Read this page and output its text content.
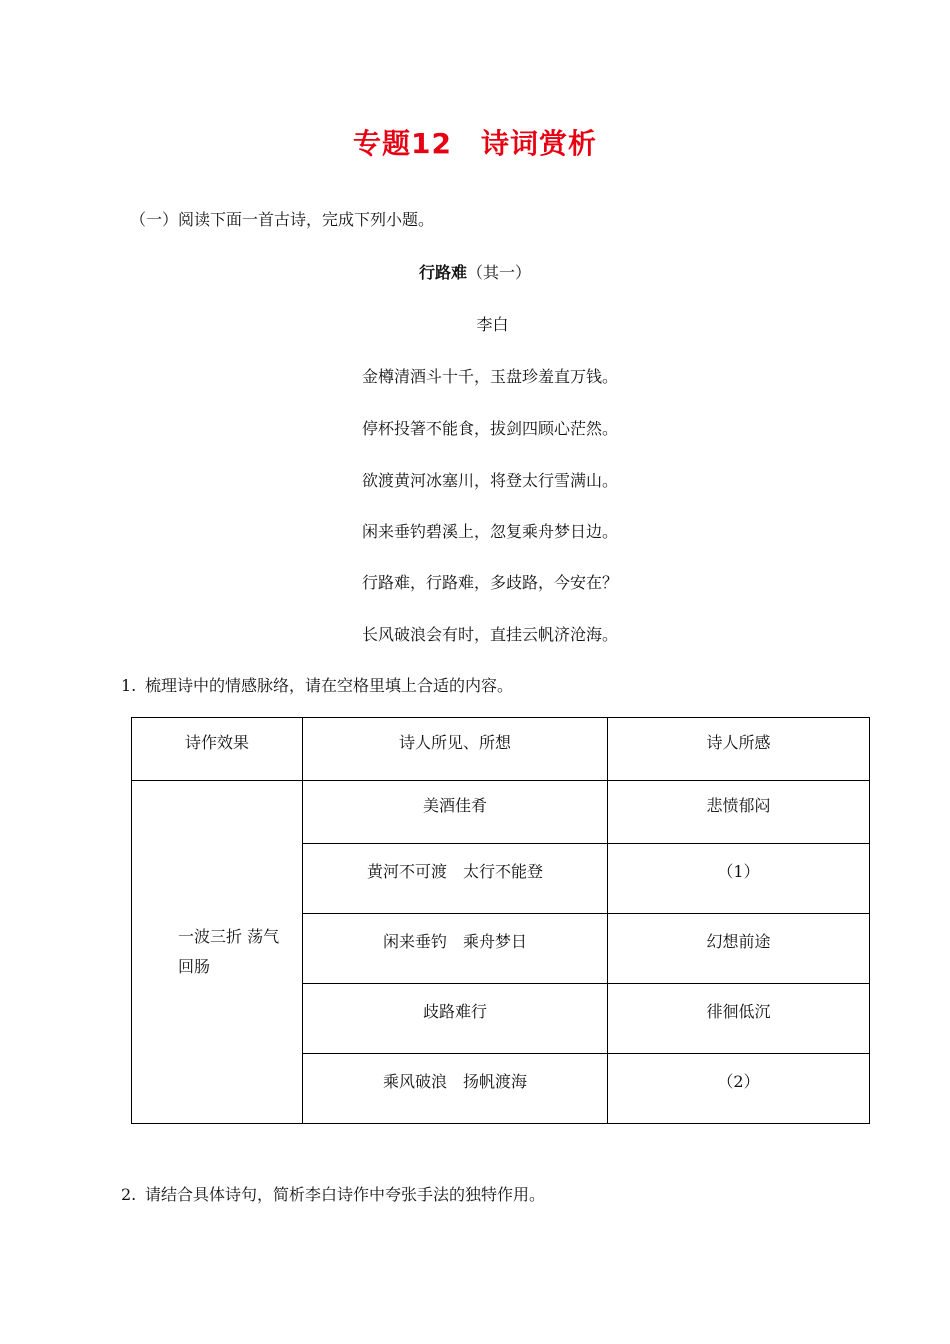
专题12　诗词赏析
（一）阅读下面一首古诗，完成下列小题。
行路难（其一）
李白
金樽清酒斗十千，玉盘珍羞直万钱。
停杯投箸不能食，拔剑四顾心茫然。
欲渡黄河冰塞川，将登太行雪满山。
闲来垂钓碧溪上，忽复乘舟梦日边。
行路难，行路难，多歧路，今安在？
长风破浪会有时，直挂云帆济沧海。
1. 梳理诗中的情感脉络，请在空格里填上合适的内容。
诗作效果	诗人所见、所想	诗人所感

一波三折 荡气回肠	美酒佳肴	悲愤郁闷

	黄河不可渡　太行不能登	（1）

	闲来垂钓　乘舟梦日	幻想前途

	歧路难行	徘徊低沉

	乘风破浪　扬帆渡海	（2）
2. 请结合具体诗句，简析李白诗作中夸张手法的独特作用。
